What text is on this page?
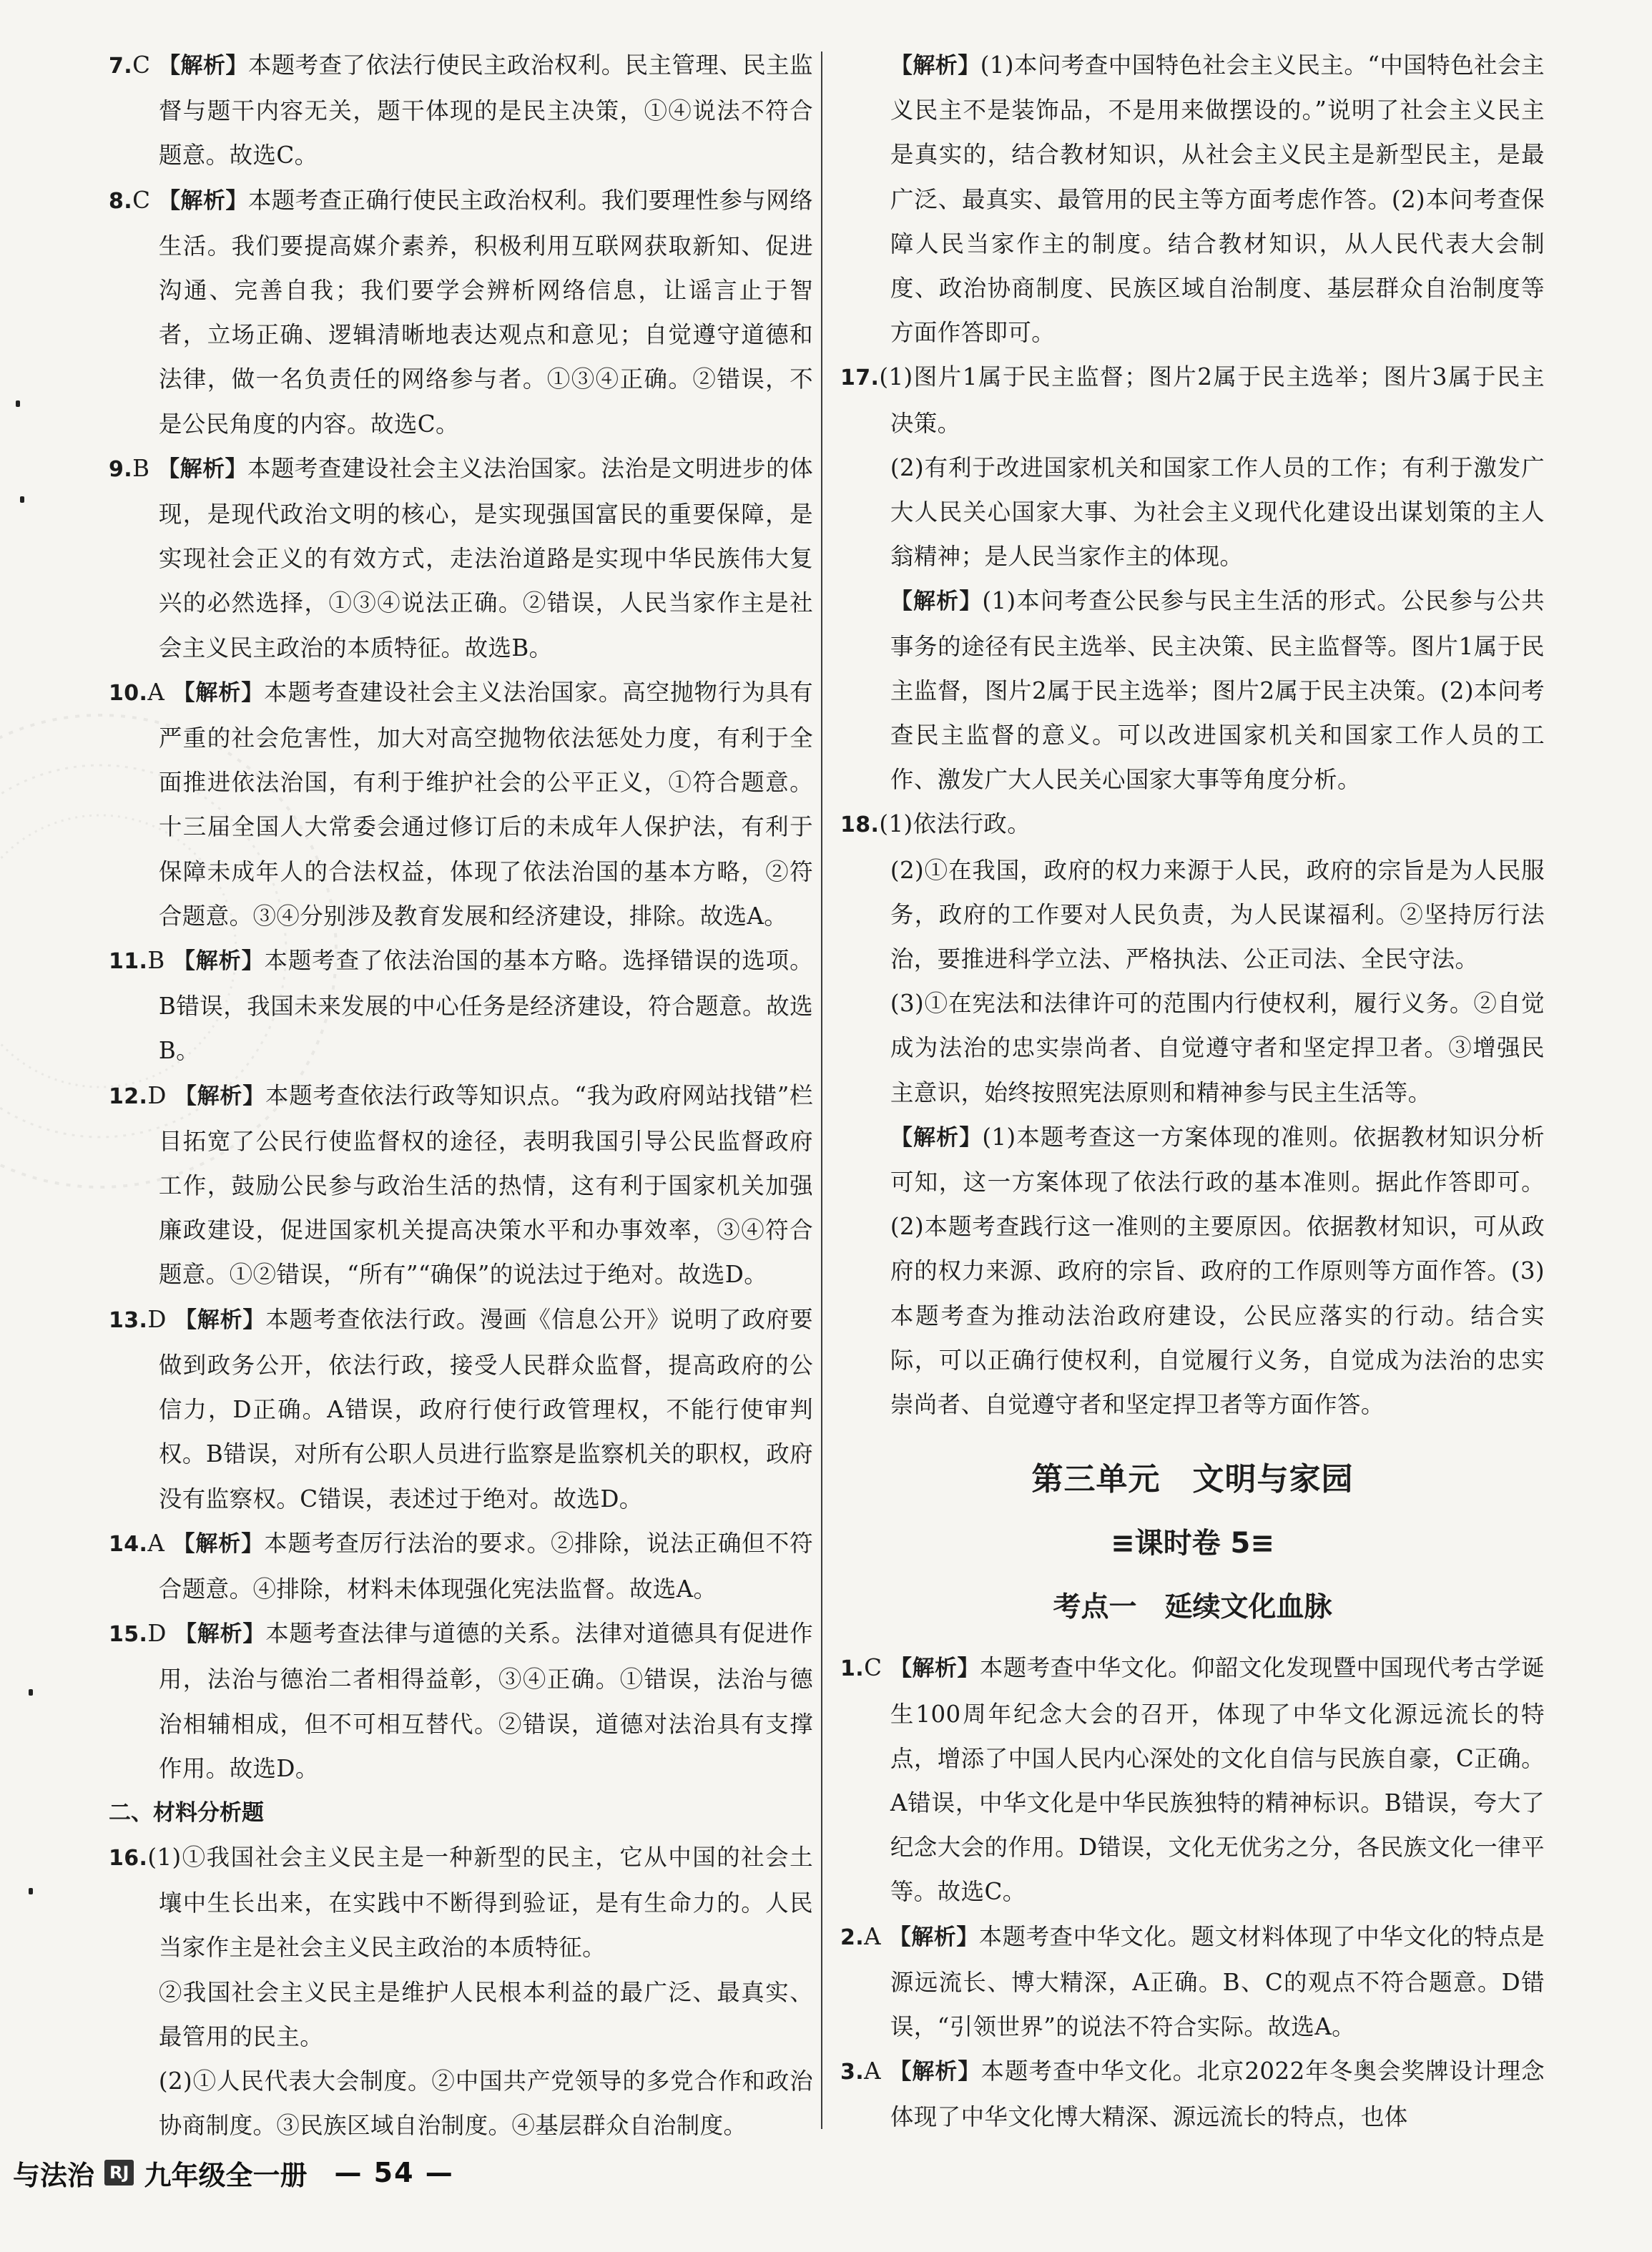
7.C 【解析】本题考查了依法行使民主政治权利。民主管理、民主监督与题干内容无关，题干体现的是民主决策，①④说法不符合题意。故选C。

8.C 【解析】本题考查正确行使民主政治权利。我们要理性参与网络生活。我们要提高媒介素养，积极利用互联网获取新知、促进沟通、完善自我；我们要学会辨析网络信息，让谣言止于智者，立场正确、逻辑清晰地表达观点和意见；自觉遵守道德和法律，做一名负责任的网络参与者。①③④正确。②错误，不是公民角度的内容。故选C。

9.B 【解析】本题考查建设社会主义法治国家。法治是文明进步的体现，是现代政治文明的核心，是实现强国富民的重要保障，是实现社会正义的有效方式，走法治道路是实现中华民族伟大复兴的必然选择，①③④说法正确。②错误，人民当家作主是社会主义民主政治的本质特征。故选B。

10.A 【解析】本题考查建设社会主义法治国家。高空抛物行为具有严重的社会危害性，加大对高空抛物依法惩处力度，有利于全面推进依法治国，有利于维护社会的公平正义，①符合题意。十三届全国人大常委会通过修订后的未成年人保护法，有利于保障未成年人的合法权益，体现了依法治国的基本方略，②符合题意。③④分别涉及教育发展和经济建设，排除。故选A。

11.B 【解析】本题考查了依法治国的基本方略。选择错误的选项。B错误，我国未来发展的中心任务是经济建设，符合题意。故选B。

12.D 【解析】本题考查依法行政等知识点。“我为政府网站找错”栏目拓宽了公民行使监督权的途径，表明我国引导公民监督政府工作，鼓励公民参与政治生活的热情，这有利于国家机关加强廉政建设，促进国家机关提高决策水平和办事效率，③④符合题意。①②错误，“所有”“确保”的说法过于绝对。故选D。

13.D 【解析】本题考查依法行政。漫画《信息公开》说明了政府要做到政务公开，依法行政，接受人民群众监督，提高政府的公信力，D正确。A错误，政府行使行政管理权，不能行使审判权。B错误，对所有公职人员进行监察是监察机关的职权，政府没有监察权。C错误，表述过于绝对。故选D。

14.A 【解析】本题考查厉行法治的要求。②排除，说法正确但不符合题意。④排除，材料未体现强化宪法监督。故选A。

15.D 【解析】本题考查法律与道德的关系。法律对道德具有促进作用，法治与德治二者相得益彰，③④正确。①错误，法治与德治相辅相成，但不可相互替代。②错误，道德对法治具有支撑作用。故选D。

二、材料分析题

16.(1)①我国社会主义民主是一种新型的民主，它从中国的社会土壤中生长出来，在实践中不断得到验证，是有生命力的。人民当家作主是社会主义民主政治的本质特征。

②我国社会主义民主是维护人民根本利益的最广泛、最真实、最管用的民主。

(2)①人民代表大会制度。②中国共产党领导的多党合作和政治协商制度。③民族区域自治制度。④基层群众自治制度。

【解析】(1)本问考查中国特色社会主义民主。“中国特色社会主义民主不是装饰品，不是用来做摆设的。”说明了社会主义民主是真实的，结合教材知识，从社会主义民主是新型民主，是最广泛、最真实、最管用的民主等方面考虑作答。(2)本问考查保障人民当家作主的制度。结合教材知识，从人民代表大会制度、政治协商制度、民族区域自治制度、基层群众自治制度等方面作答即可。

17.(1)图片1属于民主监督；图片2属于民主选举；图片3属于民主决策。

(2)有利于改进国家机关和国家工作人员的工作；有利于激发广大人民关心国家大事、为社会主义现代化建设出谋划策的主人翁精神；是人民当家作主的体现。

【解析】(1)本问考查公民参与民主生活的形式。公民参与公共事务的途径有民主选举、民主决策、民主监督等。图片1属于民主监督，图片2属于民主选举；图片2属于民主决策。(2)本问考查民主监督的意义。可以改进国家机关和国家工作人员的工作、激发广大人民关心国家大事等角度分析。

18.(1)依法行政。

(2)①在我国，政府的权力来源于人民，政府的宗旨是为人民服务，政府的工作要对人民负责，为人民谋福利。②坚持厉行法治，要推进科学立法、严格执法、公正司法、全民守法。

(3)①在宪法和法律许可的范围内行使权利，履行义务。②自觉成为法治的忠实崇尚者、自觉遵守者和坚定捍卫者。③增强民主意识，始终按照宪法原则和精神参与民主生活等。

【解析】(1)本题考查这一方案体现的准则。依据教材知识分析可知，这一方案体现了依法行政的基本准则。据此作答即可。(2)本题考查践行这一准则的主要原因。依据教材知识，可从政府的权力来源、政府的宗旨、政府的工作原则等方面作答。(3)本题考查为推动法治政府建设，公民应落实的行动。结合实际，可以正确行使权利，自觉履行义务，自觉成为法治的忠实崇尚者、自觉遵守者和坚定捍卫者等方面作答。

第三单元　文明与家园
≡课时卷 5≡
考点一　延续文化血脉

1.C 【解析】本题考查中华文化。仰韶文化发现暨中国现代考古学诞生100周年纪念大会的召开，体现了中华文化源远流长的特点，增添了中国人民内心深处的文化自信与民族自豪，C正确。A错误，中华文化是中华民族独特的精神标识。B错误，夸大了纪念大会的作用。D错误，文化无优劣之分，各民族文化一律平等。故选C。

2.A 【解析】本题考查中华文化。题文材料体现了中华文化的特点是源远流长、博大精深，A正确。B、C的观点不符合题意。D错误，“引领世界”的说法不符合实际。故选A。

3.A 【解析】本题考查中华文化。北京2022年冬奥会奖牌设计理念体现了中华文化博大精深、源远流长的特点，也体

与法治 RJ 九年级全一册 — 54 —
